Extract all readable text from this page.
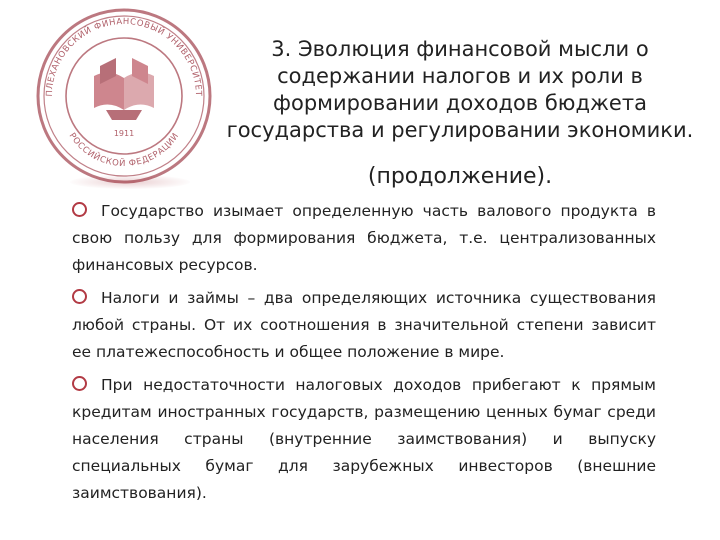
ПЛЕХАНОВСКИЙ ФИНАНСОВЫЙ УНИВЕРСИТЕТ
РОССИЙСКОЙ ФЕДЕРАЦИИ
1911
3. Эволюция финансовой мысли о
содержании налогов и их роли в
формировании доходов бюджета
государства и регулировании экономики.
(продолжение).

Государство изымает определенную часть валового продукта в свою пользу для формирования бюджета, т.е. централизованных финансовых ресурсов.

Налоги и займы – два определяющих источника существования любой страны. От их соотношения в значительной степени зависит ее платежеспособность и общее положение в мире.

При недостаточности налоговых доходов прибегают к прямым кредитам иностранных государств, размещению ценных бумаг среди населения страны (внутренние заимствования) и выпуску специальных бумаг для зарубежных инвесторов (внешние заимствования).
